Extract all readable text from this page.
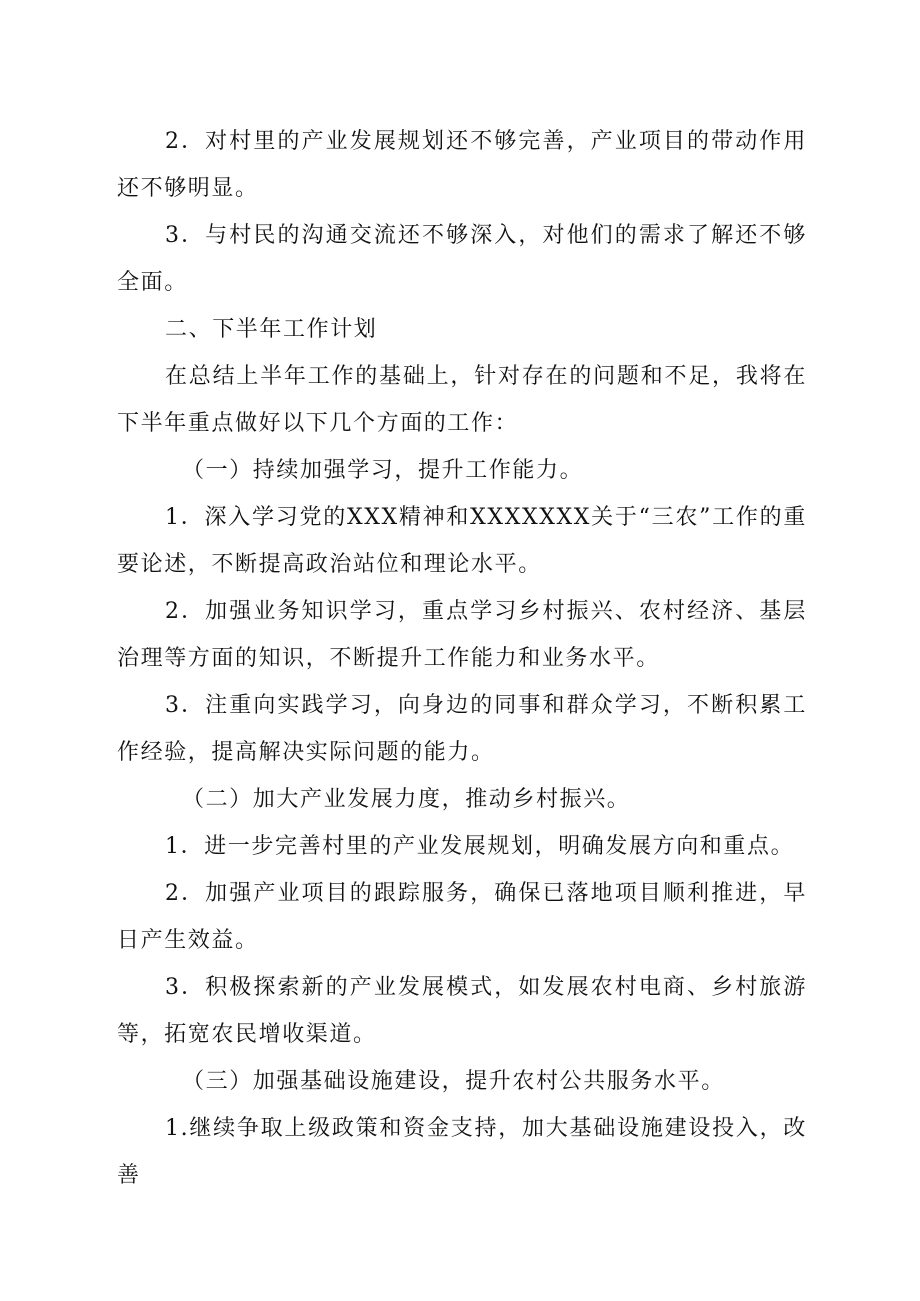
2．对村里的产业发展规划还不够完善，产业项目的带动作用还不够明显。

3．与村民的沟通交流还不够深入，对他们的需求了解还不够全面。

二、下半年工作计划

在总结上半年工作的基础上，针对存在的问题和不足，我将在下半年重点做好以下几个方面的工作：

（一）持续加强学习，提升工作能力。

1．深入学习党的XXX精神和XXXXXXX关于“三农”工作的重要论述，不断提高政治站位和理论水平。

2．加强业务知识学习，重点学习乡村振兴、农村经济、基层治理等方面的知识，不断提升工作能力和业务水平。

3．注重向实践学习，向身边的同事和群众学习，不断积累工作经验，提高解决实际问题的能力。

（二）加大产业发展力度，推动乡村振兴。

1．进一步完善村里的产业发展规划，明确发展方向和重点。

2．加强产业项目的跟踪服务，确保已落地项目顺利推进，早日产生效益。

3．积极探索新的产业发展模式，如发展农村电商、乡村旅游等，拓宽农民增收渠道。

（三）加强基础设施建设，提升农村公共服务水平。

1.继续争取上级政策和资金支持，加大基础设施建设投入，改善
